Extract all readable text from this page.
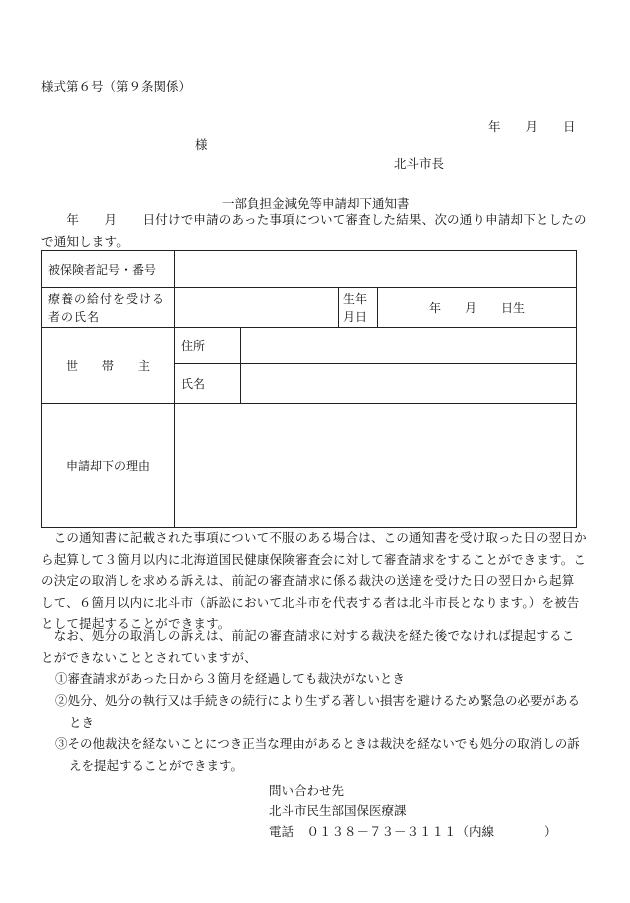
様式第６号（第９条関係）
年　　月　　日
様
北斗市長
一部負担金減免等申請却下通知書
　　年　　月　　日付けで申請のあった事項について審査した結果、次の通り申請却下としたので通知します。
被保険者記号・番号				
療養の給付を受ける者の氏名			生年月日	年　　月　　日生
世　　帯　　主	住所			
	氏名			
申請却下の理由				
　この通知書に記載された事項について不服のある場合は、この通知書を受け取った日の翌日から起算して３箇月以内に北海道国民健康保険審査会に対して審査請求をすることができます。この決定の取消しを求める訴えは、前記の審査請求に係る裁決の送達を受けた日の翌日から起算して、６箇月以内に北斗市（訴訟において北斗市を代表する者は北斗市長となります。）を被告として提起することができます。
　なお、処分の取消しの訴えは、前記の審査請求に対する裁決を経た後でなければ提起することができないこととされていますが、
①審査請求があった日から３箇月を経過しても裁決がないとき
②処分、処分の執行又は手続きの続行により生ずる著しい損害を避けるため緊急の必要があるとき
③その他裁決を経ないことにつき正当な理由があるときは裁決を経ないでも処分の取消しの訴えを提起することができます。
問い合わせ先
北斗市民生部国保医療課
電話　０１３８－７３－３１１１（内線　　　　）
